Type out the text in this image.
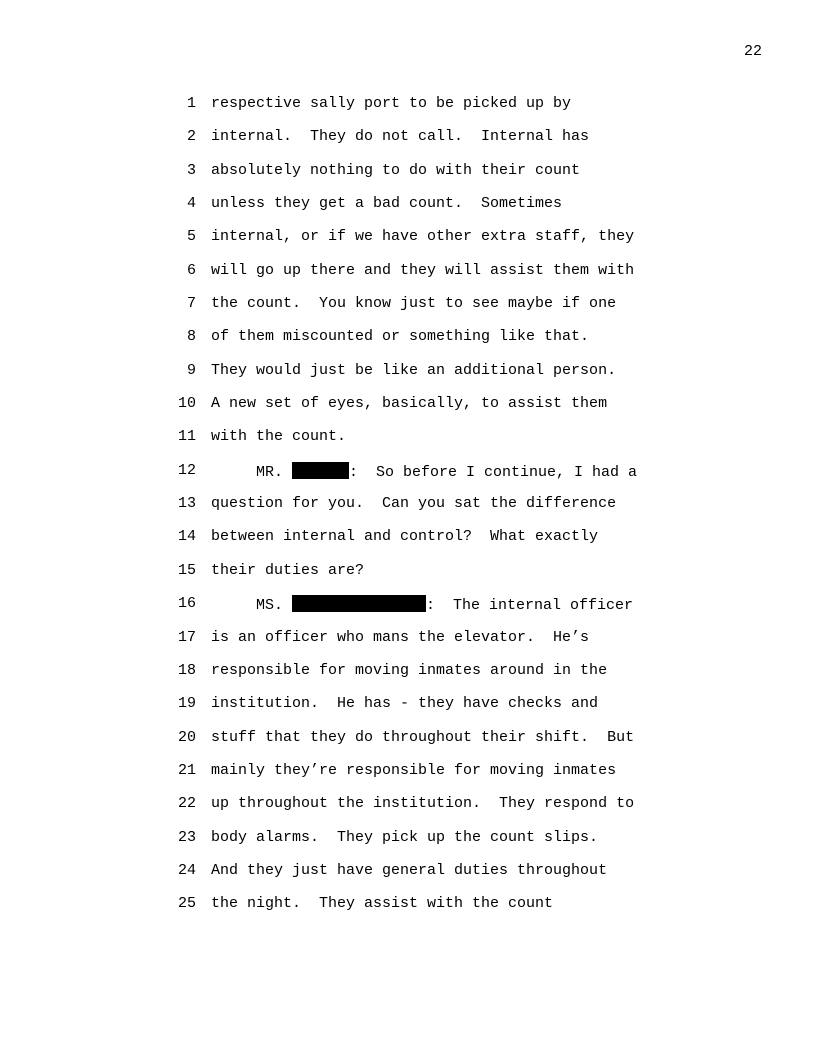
22
1 respective sally port to be picked up by
2 internal.  They do not call.  Internal has
3 absolutely nothing to do with their count
4 unless they get a bad count.  Sometimes
5 internal, or if we have other extra staff, they
6 will go up there and they will assist them with
7 the count.  You know just to see maybe if one
8 of them miscounted or something like that.
9 They would just be like an additional person.
10 A new set of eyes, basically, to assist them
11 with the count.
12 MR.	:  So before I continue, I had a
13 question for you.  Can you sat the difference
14 between internal and control?  What exactly
15 their duties are?
16 MS.	:  The internal officer
17 is an officer who mans the elevator.  He’s
18 responsible for moving inmates around in the
19 institution.  He has - they have checks and
20 stuff that they do throughout their shift.  But
21 mainly they’re responsible for moving inmates
22 up throughout the institution.  They respond to
23 body alarms.  They pick up the count slips.
24 And they just have general duties throughout
25 the night.  They assist with the count
